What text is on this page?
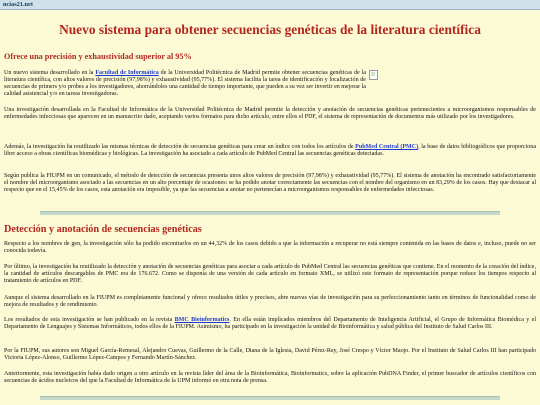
ncias21.net
Nuevo sistema para obtener secuencias genéticas de la literatura científica
Ofrece una precisión y exhaustividad superior al 95%

Un nuevo sistema desarrollado en la Facultad de Informática de la Universidad Politécnica de Madrid permite obtener secuencias genéticas de la literatura científica, con altos valores de precisión (97,98%) y exhaustividad (95,77%). El sistema facilita la tarea de identificación y localización de secuencias de primers y/o probes a los investigadores, ahorrándoles una cantidad de tiempo importante, que pueden a su vez ser invertir en mejorar la calidad asistencial y/o en tareas investigadoras.

Una investigación desarrollada en la Facultad de Informática de la Universidad Politécnica de Madrid permite la detección y anotación de secuencias genéticas pertenecientes a microorganismos responsables de enfermedades infecciosas que aparecen en un manuscrito dado, aceptando varios formatos para dicho artículo, entre ellos el PDF, el sistema de representación de documentos más utilizado por los investigadores.

Además, la investigación ha reutilizado las mismas técnicas de detección de secuencias genéticas para crear un índice con todos los artículos de PubMed Central (PMC), la base de datos bibliográficos que proporciona libre acceso a obras científicas biomédicas y biológicas. La investigación ha asociado a cada artículo de PubMed Central las secuencias genéticas detectadas.

Según publica la FIUPM en un comunicado, el método de detección de secuencias presenta unos altos valores de precisión (97,98%) y exhaustividad (95,77%). El sistema de anotación ha encontrado satisfactoriamente el nombre del microorganismo asociado a las secuencias en un alto porcentaje de ocasiones: se ha podido anotar correctamente las secuencias con el nombre del organismo en un 83,29% de los casos. Hay que destacar al respecto que en el 15,45% de los casos, esta anotación era imposible, ya que las secuencias a anotar no pertenecían a microorganismos responsables de enfermedades infecciosas.

Detección y anotación de secuencias genéticas

Respecto a los nombres de gen, la investigación sólo ha podido encontrarlos en un 44,32% de los casos debido a que la información a recuperar no está siempre contenida en las bases de datos e, incluso, puede no ser conocida todavía.

Por último, la investigación ha reutilizado la detección y anotación de secuencias genéticas para asociar a cada artículo de PubMed Central las secuencias genéticas que contiene. En el momento de la creación del índice, la cantidad de artículos descargables de PMC era de 176.672. Como se disponía de una versión de cada artículo en formato XML, se utilizó este formato de representación porque reduce los tiempos respecto al tratamiento de artículos en PDF.

Aunque el sistema desarrollado en la FIUPM es completamente funcional y ofrece resultados útiles y precisos, abre nuevas vías de investigación para su perfeccionamiento tanto en términos de funcionalidad como de mejora de resultados y de rendimiento.

Los resultados de esta investigación se han publicado en la revista BMC Bioinformatics. En ella están implicados miembros del Departamento de Inteligencia Artificial, el Grupo de Informática Biomédica y el Departamento de Lenguajes y Sistemas Informáticos, todos ellos de la FIUPM. Asimismo, ha participado en la investigación la unidad de Bioinformática y salud pública del Instituto de Salud Carlos III.

Por la FIUPM, sus autores son Miguel García-Remesal, Alejandro Cuevas, Guillermo de la Calle, Diana de la Iglesia, David Pérez-Rey, José Crespo y Víctor Maojo. Por el Instituto de Salud Carlos III han participado Victoria López-Alonso, Guillermo López-Campos y Fernando Martín-Sánchez.

Anteriormente, esta investigación había dado origen a otro artículo en la revista líder del área de la Bioinformática, Bioinformatics, sobre la aplicación PubDNA Finder, el primer buscador de artículos científicos con secuencias de ácidos nucleicos del que la Facultad de Informática de la UPM informó en otra nota de prensa.
